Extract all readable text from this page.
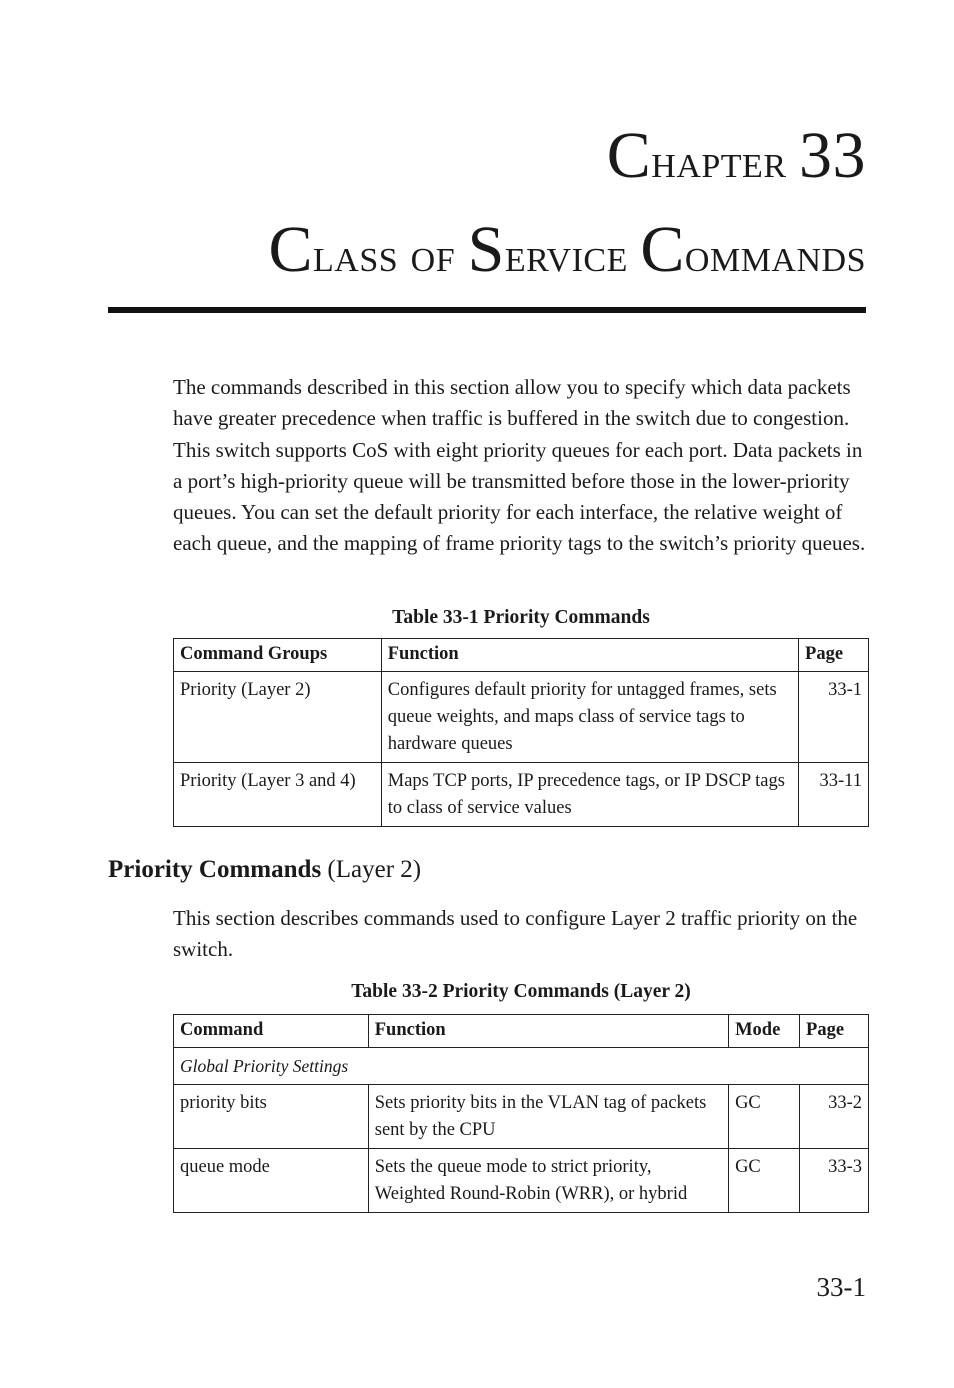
Chapter 33
Class of Service Commands

The commands described in this section allow you to specify which data packets have greater precedence when traffic is buffered in the switch due to congestion. This switch supports CoS with eight priority queues for each port. Data packets in a port’s high-priority queue will be transmitted before those in the lower-priority queues. You can set the default priority for each interface, the relative weight of each queue, and the mapping of frame priority tags to the switch’s priority queues.

Table 33-1 Priority Commands
Command Groups	Function	Page
Priority (Layer 2)	Configures default priority for untagged frames, sets queue weights, and maps class of service tags to hardware queues	33-1
Priority (Layer 3 and 4)	Maps TCP ports, IP precedence tags, or IP DSCP tags to class of service values	33-11
Priority Commands (Layer 2)

This section describes commands used to configure Layer 2 traffic priority on the switch.

Table 33-2 Priority Commands (Layer 2)
Command	Function	Mode	Page
Global Priority Settings			
priority bits	Sets priority bits in the VLAN tag of packets sent by the CPU	GC	33-2
queue mode	Sets the queue mode to strict priority, Weighted Round-Robin (WRR), or hybrid	GC	33-3
33-1
